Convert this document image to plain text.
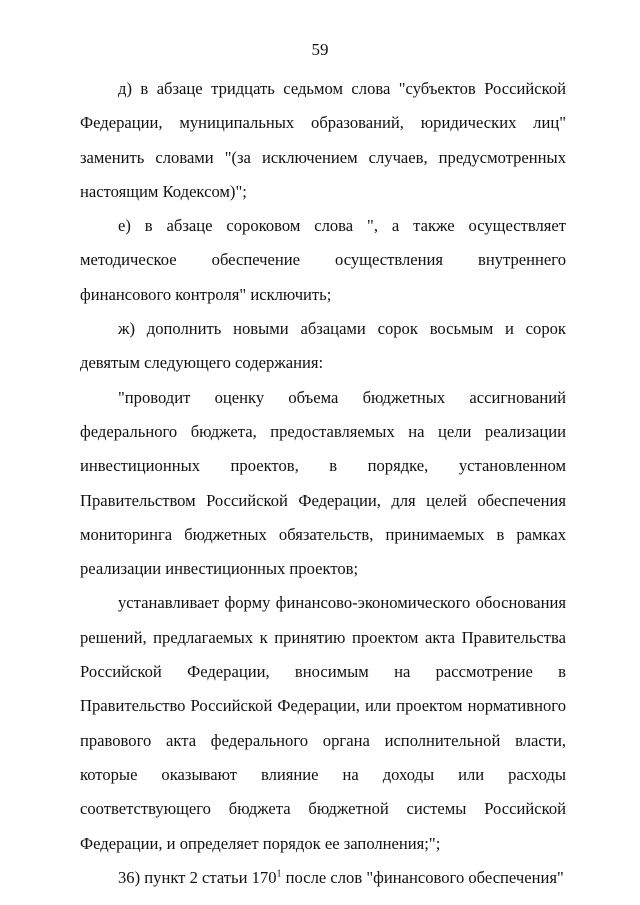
59

д) в абзаце тридцать седьмом слова "субъектов Российской Федерации, муниципальных образований, юридических лиц" заменить словами "(за исключением случаев, предусмотренных настоящим Кодексом)";

е) в абзаце сороковом слова ", а также осуществляет методическое обеспечение осуществления внутреннего финансового контроля" исключить;

ж) дополнить новыми абзацами сорок восьмым и сорок девятым следующего содержания:

"проводит оценку объема бюджетных ассигнований федерального бюджета, предоставляемых на цели реализации инвестиционных проектов, в порядке, установленном Правительством Российской Федерации, для целей обеспечения мониторинга бюджетных обязательств, принимаемых в рамках реализации инвестиционных проектов;

устанавливает форму финансово-экономического обоснования решений, предлагаемых к принятию проектом акта Правительства Российской Федерации, вносимым на рассмотрение в Правительство Российской Федерации, или проектом нормативного правового акта федерального органа исполнительной власти, которые оказывают влияние на доходы или расходы соответствующего бюджета бюджетной системы Российской Федерации, и определяет порядок ее заполнения;";

36) пункт 2 статьи $170^1$ после слов "финансового обеспечения"
